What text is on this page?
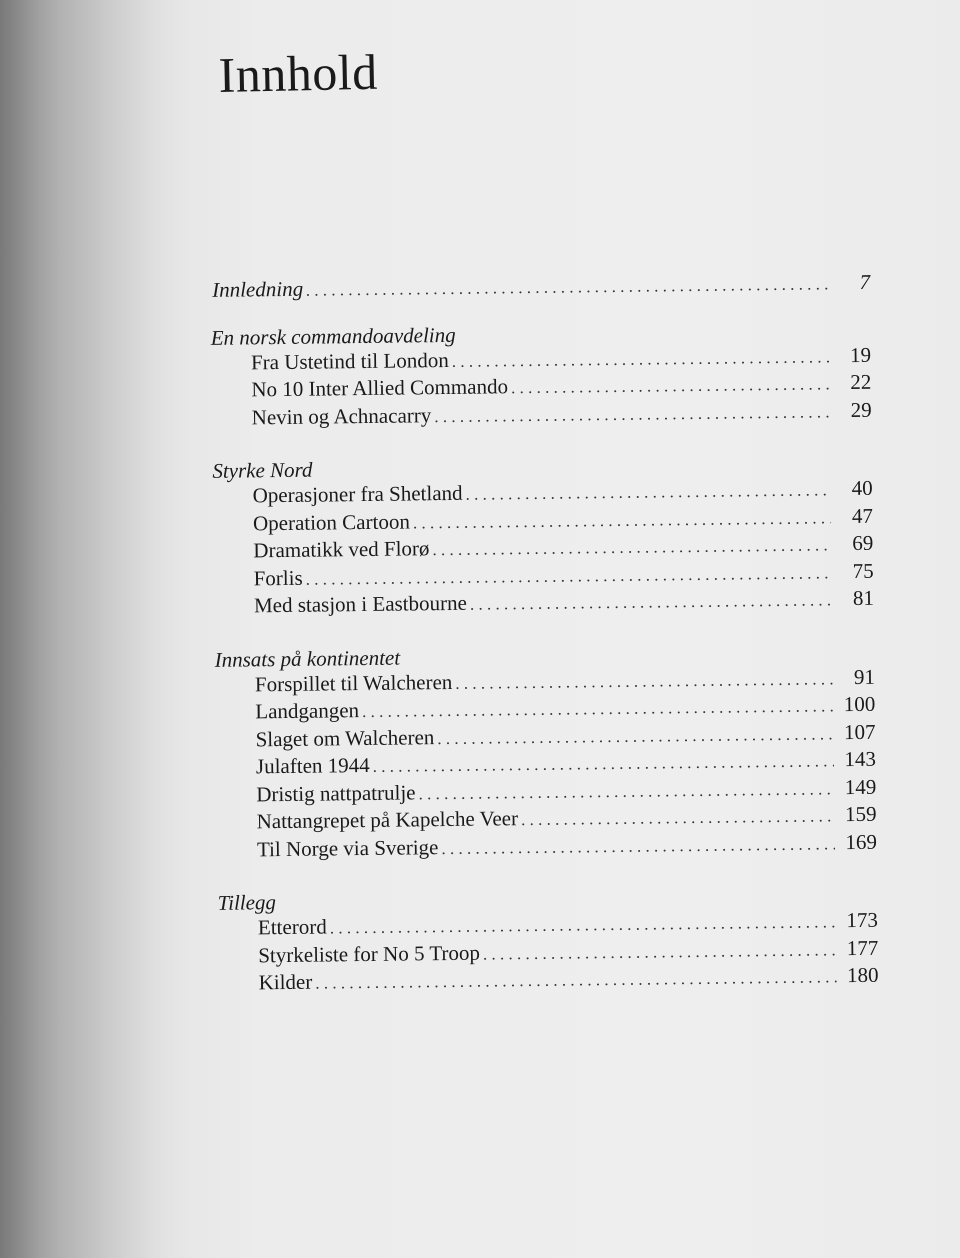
Innhold
Innledning . . .	7
En norsk commandoavdeling
Fra Ustetind til London . . .	19
No 10 Inter Allied Commando . . .	22
Nevin og Achnacarry . . .	29
Styrke Nord
Operasjoner fra Shetland . . .	40
Operation Cartoon . . .	47
Dramatikk ved Florø . . .	69
Forlis . . .	75
Med stasjon i Eastbourne . . .	81
Innsats på kontinentet
Forspillet til Walcheren . . .	91
Landgangen . . .	100
Slaget om Walcheren . . .	107
Julaften 1944 . . .	143
Dristig nattpatrulje . . .	149
Nattangrepet på Kapelche Veer . . .	159
Til Norge via Sverige . . .	169
Tillegg
Etterord . . .	173
Styrkeliste for No 5 Troop . . .	177
Kilder . . .	180
